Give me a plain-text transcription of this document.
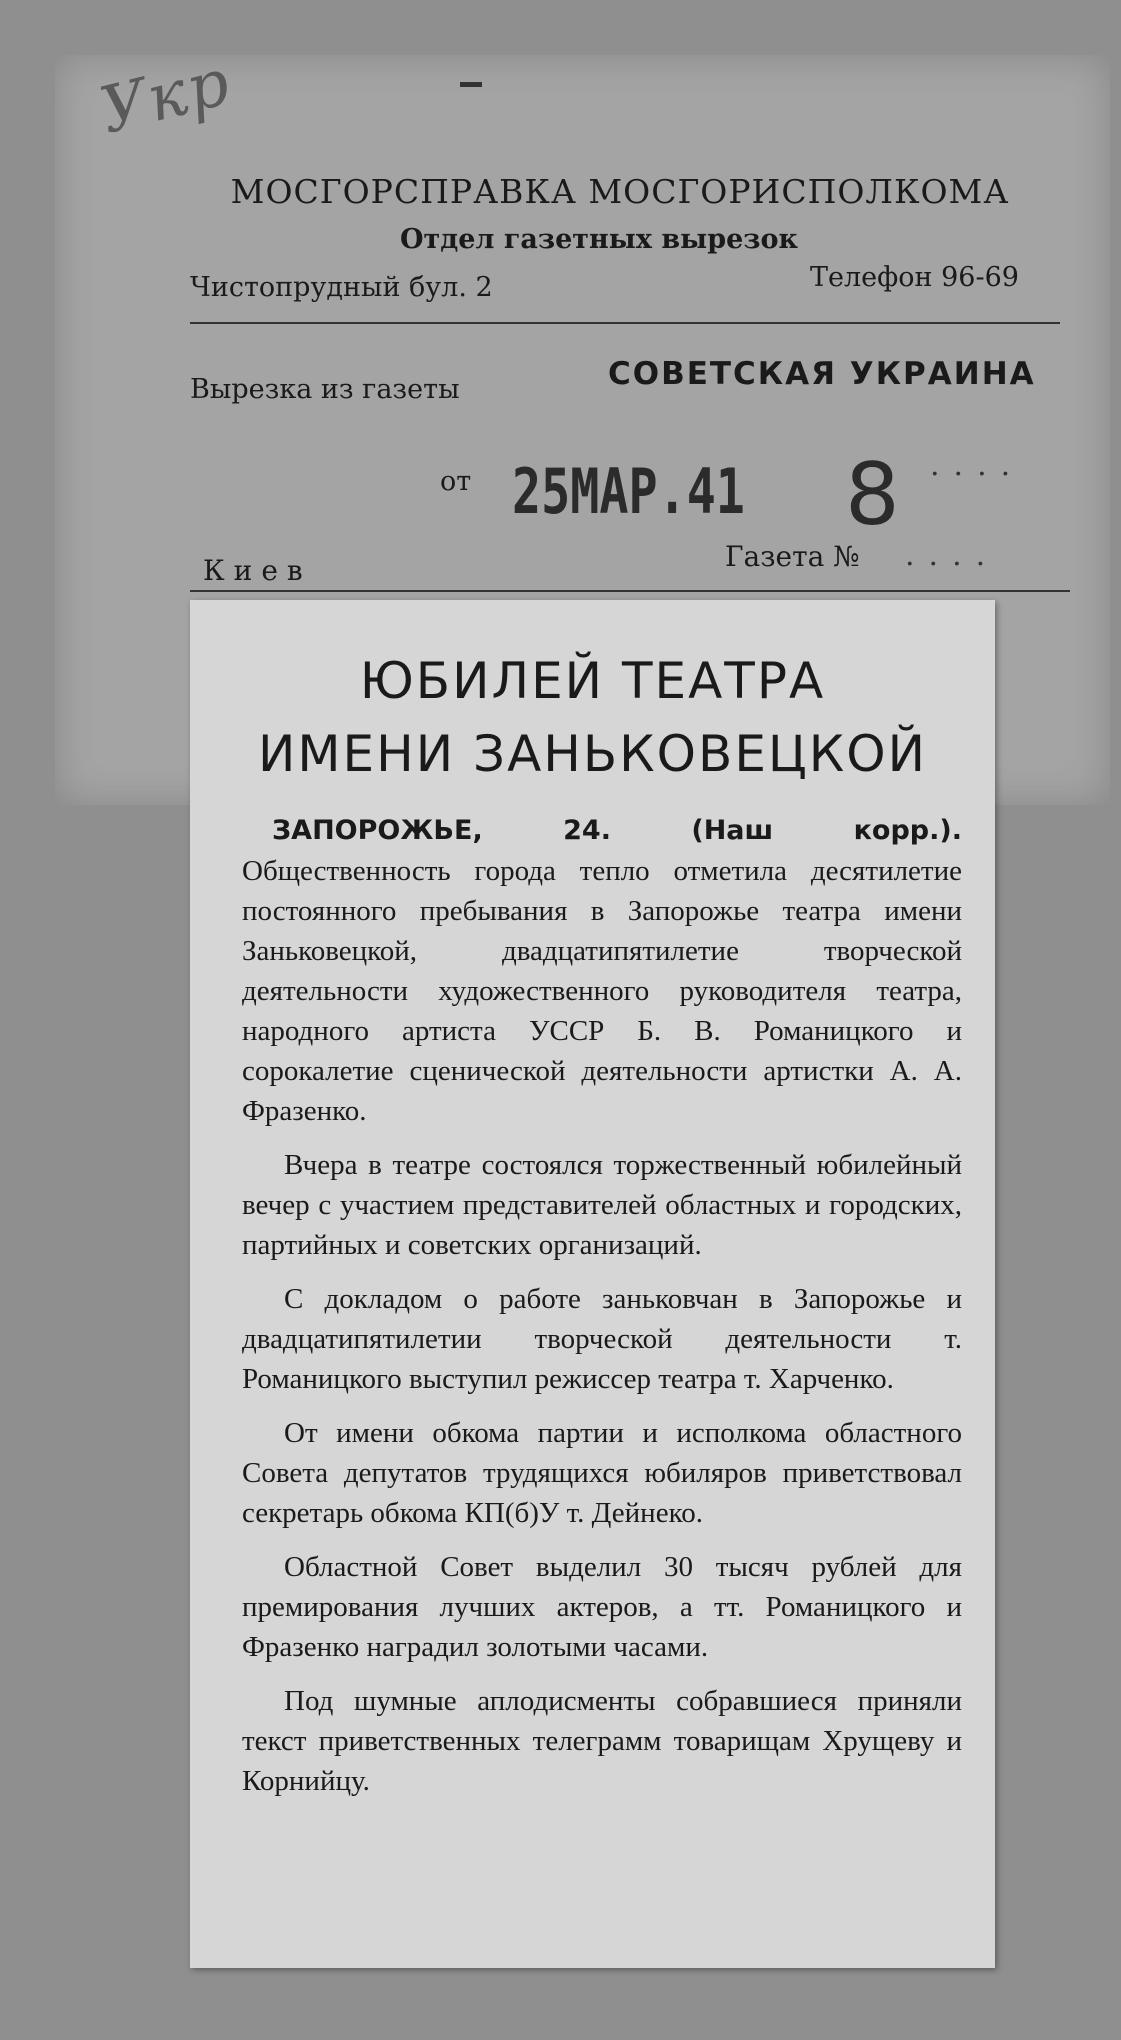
Укр
МОСГОРСПРАВКА МОСГОРИСПОЛКОМА
Отдел газетных вырезок
Чистопрудный бул. 2	Телефон 96-69
Вырезка из газеты	СОВЕТСКАЯ УКРАИНА
от 25МАР.41 8 ....
Киев	Газета № ....
ЮБИЛЕЙ ТЕАТРА
ИМЕНИ ЗАНЬКОВЕЦКОЙ

ЗАПОРОЖЬЕ, 24. (Наш корр.). Общественность города тепло отметила десятилетие постоянного пребывания в Запорожье театра имени Заньковецкой, двадцатипятилетие творческой деятельности художественного руководителя театра, народного артиста УССР Б. В. Романицкого и сорокалетие сценической деятельности артистки А. А. Фразенко.

Вчера в театре состоялся торжественный юбилейный вечер с участием представителей областных и городских, партийных и советских организаций.

С докладом о работе заньковчан в Запорожье и двадцатипятилетии творческой деятельности т. Романицкого выступил режиссер театра т. Харченко.

От имени обкома партии и исполкома областного Совета депутатов трудящихся юбиляров приветствовал секретарь обкома КП(б)У т. Дейнеко.

Областной Совет выделил 30 тысяч рублей для премирования лучших актеров, а тт. Романицкого и Фразенко наградил золотыми часами.

Под шумные аплодисменты собравшиеся приняли текст приветственных телеграмм товарищам Хрущеву и Корнийцу.
